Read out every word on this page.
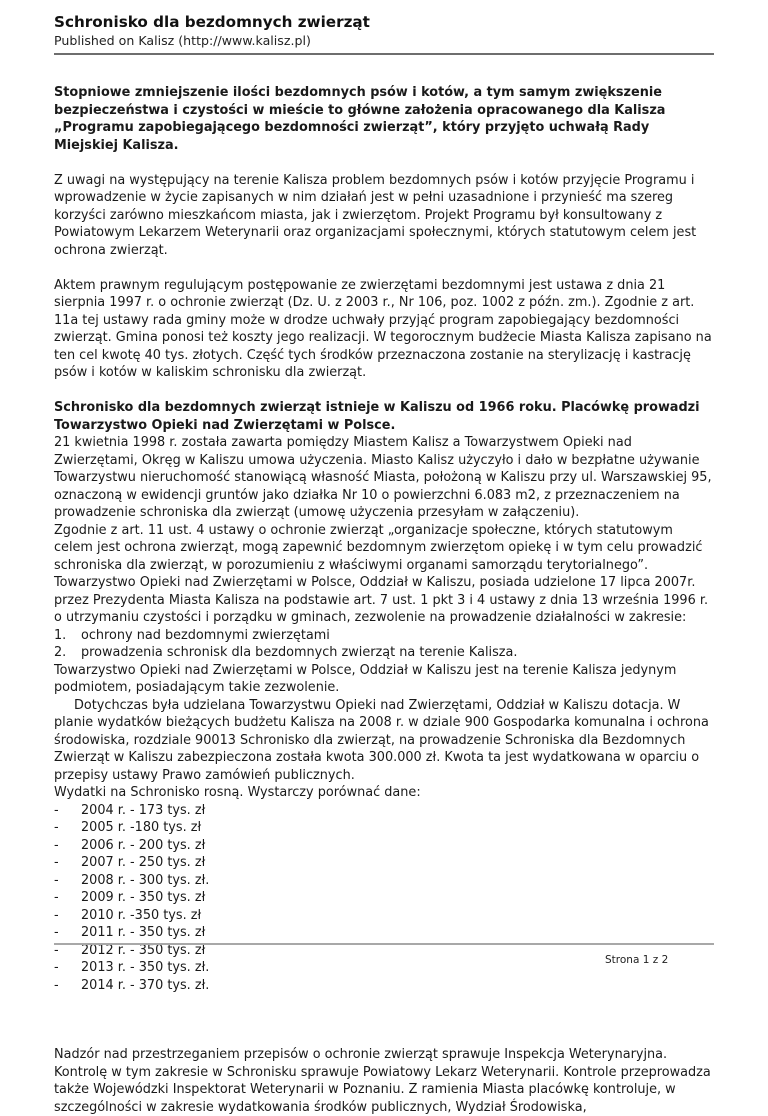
Schronisko dla bezdomnych zwierząt

Published on Kalisz (http://www.kalisz.pl)

Stopniowe zmniejszenie ilości bezdomnych psów i kotów, a tym samym zwiększenie bezpieczeństwa i czystości w mieście to główne założenia opracowanego dla Kalisza „Programu zapobiegającego bezdomności zwierząt”, który przyjęto uchwałą Rady Miejskiej Kalisza.

Z uwagi na występujący na terenie Kalisza problem bezdomnych psów i kotów przyjęcie Programu i wprowadzenie w życie zapisanych w nim działań jest w pełni uzasadnione i przynieść ma szereg korzyści zarówno mieszkańcom miasta, jak i zwierzętom. Projekt Programu był konsultowany z Powiatowym Lekarzem Weterynarii oraz organizacjami społecznymi, których statutowym celem jest ochrona zwierząt.

Aktem prawnym regulującym postępowanie ze zwierzętami bezdomnymi jest ustawa z dnia 21 sierpnia 1997 r. o ochronie zwierząt (Dz. U. z 2003 r., Nr 106, poz. 1002 z późn. zm.). Zgodnie z art. 11a tej ustawy rada gminy może w drodze uchwały przyjąć program zapobiegający bezdomności zwierząt. Gmina ponosi też koszty jego realizacji. W tegorocznym budżecie Miasta Kalisza zapisano na ten cel kwotę 40 tys. złotych. Część tych środków przeznaczona zostanie na sterylizację i kastrację psów i kotów w kaliskim schronisku dla zwierząt.

Schronisko dla bezdomnych zwierząt istnieje w Kaliszu od 1966 roku. Placówkę prowadzi Towarzystwo Opieki nad Zwierzętami w Polsce.

21 kwietnia 1998 r. została zawarta pomiędzy Miastem Kalisz a Towarzystwem Opieki nad Zwierzętami, Okręg w Kaliszu umowa użyczenia. Miasto Kalisz użyczyło i dało w bezpłatne używanie Towarzystwu nieruchomość stanowiącą własność Miasta, położoną w Kaliszu przy ul. Warszawskiej 95, oznaczoną w ewidencji gruntów jako działka Nr 10 o powierzchni 6.083 m2, z przeznaczeniem na prowadzenie schroniska dla zwierząt (umowę użyczenia przesyłam w załączeniu).

Zgodnie z art. 11 ust. 4 ustawy o ochronie zwierząt „organizacje społeczne, których statutowym celem jest ochrona zwierząt, mogą zapewnić bezdomnym zwierzętom opiekę i w tym celu prowadzić schroniska dla zwierząt, w porozumieniu z właściwymi organami samorządu terytorialnego”.

Towarzystwo Opieki nad Zwierzętami w Polsce, Oddział w Kaliszu, posiada udzielone 17 lipca 2007r. przez Prezydenta Miasta Kalisza na podstawie art. 7 ust. 1 pkt 3 i 4 ustawy z dnia 13 września 1996 r. o utrzymaniu czystości i porządku w gminach, zezwolenie na prowadzenie działalności w zakresie:

1.	ochrony nad bezdomnymi zwierzętami
2.	prowadzenia schronisk dla bezdomnych zwierząt na terenie Kalisza.

Towarzystwo Opieki nad Zwierzętami w Polsce, Oddział w Kaliszu jest na terenie Kalisza jedynym podmiotem, posiadającym takie zezwolenie.

Dotychczas była udzielana Towarzystwu Opieki nad Zwierzętami, Oddział w Kaliszu dotacja. W planie wydatków bieżących budżetu Kalisza na 2008 r. w dziale 900 Gospodarka komunalna i ochrona środowiska, rozdziale 90013 Schronisko dla zwierząt, na prowadzenie Schroniska dla Bezdomnych Zwierząt w Kaliszu zabezpieczona została kwota 300.000 zł. Kwota ta jest wydatkowana w oparciu o przepisy ustawy Prawo zamówień publicznych.

Wydatki na Schronisko rosną. Wystarczy porównać dane:

-	2004 r. - 173 tys. zł
-	2005 r. -180 tys. zł
-	2006 r. - 200 tys. zł
-	2007 r. - 250 tys. zł
-	2008 r. - 300 tys. zł.
-	2009 r. - 350 tys. zł
-	2010 r. -350 tys. zł
-	2011 r. - 350 tys. zł
-	2012 r. - 350 tys. zł
-	2013 r. - 350 tys. zł.
-	2014 r. - 370 tys. zł.

Nadzór nad przestrzeganiem przepisów o ochronie zwierząt sprawuje Inspekcja Weterynaryjna. Kontrolę w tym zakresie w Schronisku sprawuje Powiatowy Lekarz Weterynarii. Kontrole przeprowadza także Wojewódzki Inspektorat Weterynarii w Poznaniu. Z ramienia Miasta placówkę kontroluje, w szczególności w zakresie wydatkowania środków publicznych, Wydział Środowiska,

Strona 1 z 2
